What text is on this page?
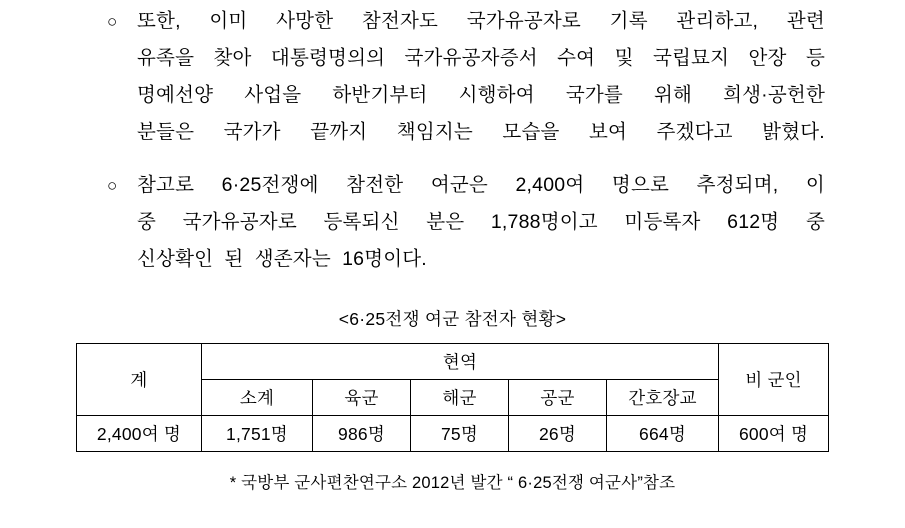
○	또한, 이미 사망한 참전자도 국가유공자로 기록 관리하고, 관련
유족을 찾아 대통령명의의 국가유공자증서 수여 및 국립묘지 안장 등
명예선양 사업을 하반기부터 시행하여 국가를 위해 희생·공헌한
분들은 국가가 끝까지 책임지는 모습을 보여 주겠다고 밝혔다.
○	참고로 6·25전쟁에 참전한 여군은 2,400여 명으로 추정되며, 이
중 국가유공자로 등록되신 분은 1,788명이고 미등록자 612명 중
신상확인 된 생존자는 16명이다.
<6·25전쟁 여군 참전자 현황>
계	현역					비 군인
	소계	육군	해군	공군	간호장교	
2,400여 명	1,751명	986명	75명	26명	664명	600여 명
* 국방부 군사편찬연구소 2012년 발간 “ 6·25전쟁 여군사”참조
